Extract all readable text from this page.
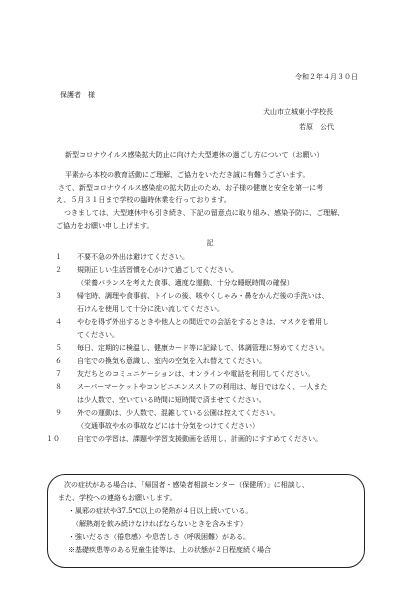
令和２年４月３０日
保護者　様
犬山市立城東小学校長
若原　公代
新型コロナウイルス感染拡大防止に向けた大型連休の過ごし方について（お願い）
平素から本校の教育活動にご理解、ご協力をいただき誠に有難うございます。
さて、新型コロナウイルス感染症の拡大防止のため、お子様の健康と安全を第一に考
え、５月３１日まで学校の臨時休業を行っております。
つきましては、大型連休中も引き続き、下記の留意点に取り組み、感染予防に、ご理解、
ご協力をお願い申し上げます。
記
１ 不要不急の外出は避けてください。
２ 規則正しい生活習慣を心がけて過ごしてください。
（栄養バランスを考えた食事、適度な運動、十分な睡眠時間の確保）
３ 帰宅時、調理や食事前、トイレの後、咳やくしゃみ・鼻をかんだ後の手洗いは、
石けんを使用して十分に洗い流してください。
４ やむを得ず外出するときや他人との間近での会話をするときは、マスクを着用し
てください。
５ 毎日、定期的に検温し、健康カード等に記録して、体調管理に努めてください。
６ 自宅での換気も意識し、室内の空気を入れ替えてください。
７ 友だちとのコミュニケーションは、オンラインや電話を利用してください。
８ スーパーマーケットやコンビニエンスストアの利用は、毎日ではなく、一人また
は少人数で、空いている時間に短時間で済ませてください。
９ 外での運動は、少人数で、混雑している公園は控えてください。
（交通事故や水の事故などには十分気をつけてください）
１０ 自宅での学習は、課題や学習支援動画を活用し、計画的にすすめてください。
次の症状がある場合は、「帰国者・感染者相談センター（保健所）」に相談し、
また、学校への連絡もお願いします。
・風邪の症状や37.5℃以上の発熱が４日以上続いている。
（解熱剤を飲み続けなければならないときを含みます）
・強いだるさ（倦怠感）や息苦しさ（呼吸困難）がある。
※基礎疾患等のある児童生徒等は、上の状態が２日程度続く場合
